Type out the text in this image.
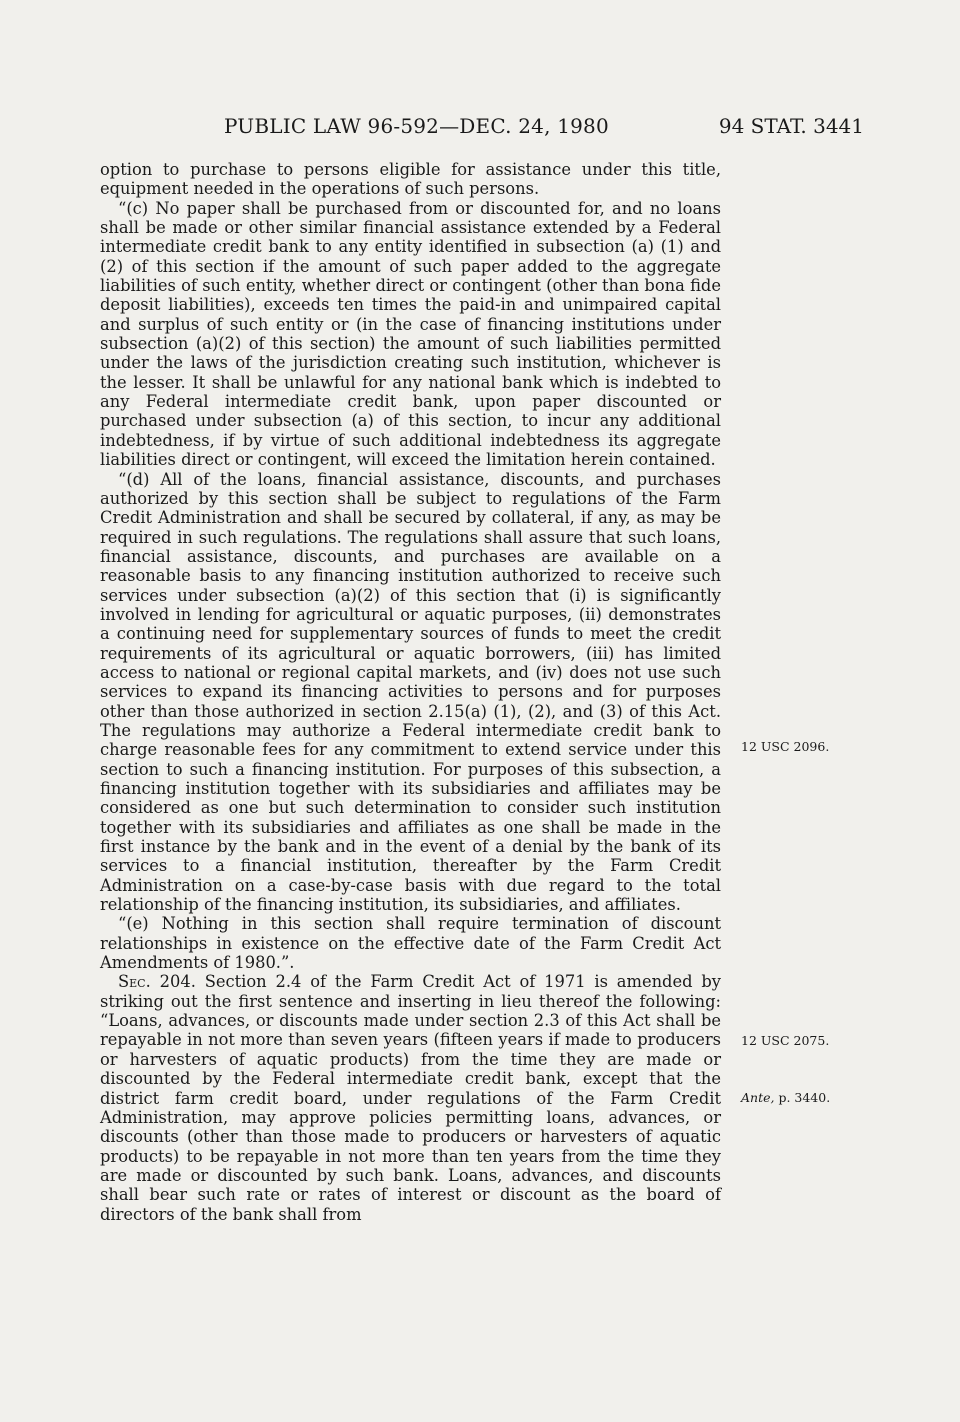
PUBLIC LAW 96-592—DEC. 24, 1980	94 STAT. 3441

option to purchase to persons eligible for assistance under this title, equipment needed in the operations of such persons.

“(c) No paper shall be purchased from or discounted for, and no loans shall be made or other similar financial assistance extended by a Federal intermediate credit bank to any entity identified in subsection (a) (1) and (2) of this section if the amount of such paper added to the aggregate liabilities of such entity, whether direct or contingent (other than bona fide deposit liabilities), exceeds ten times the paid-in and unimpaired capital and surplus of such entity or (in the case of financing institutions under subsection (a)(2) of this section) the amount of such liabilities permitted under the laws of the jurisdiction creating such institution, whichever is the lesser. It shall be unlawful for any national bank which is indebted to any Federal intermediate credit bank, upon paper discounted or purchased under subsection (a) of this section, to incur any additional indebtedness, if by virtue of such additional indebtedness its aggregate liabilities direct or contingent, will exceed the limitation herein contained.

“(d) All of the loans, financial assistance, discounts, and purchases authorized by this section shall be subject to regulations of the Farm Credit Administration and shall be secured by collateral, if any, as may be required in such regulations. The regulations shall assure that such loans, financial assistance, discounts, and purchases are available on a reasonable basis to any financing institution authorized to receive such services under subsection (a)(2) of this section that (i) is significantly involved in lending for agricultural or aquatic purposes, (ii) demonstrates a continuing need for supplementary sources of funds to meet the credit requirements of its agricultural or aquatic borrowers, (iii) has limited access to national or regional capital markets, and (iv) does not use such services to expand its financing activities to persons and for purposes other than those authorized in section 2.15(a) (1), (2), and (3) of this Act. The regulations may authorize a Federal intermediate credit bank to charge reasonable fees for any commitment to extend service under this section to such a financing institution. For purposes of this subsection, a financing institution together with its subsidiaries and affiliates may be considered as one but such determination to consider such institution together with its subsidiaries and affiliates as one shall be made in the first instance by the bank and in the event of a denial by the bank of its services to a financial institution, thereafter by the Farm Credit Administration on a case-by-case basis with due regard to the total relationship of the financing institution, its subsidiaries, and affiliates.

“(e) Nothing in this section shall require termination of discount relationships in existence on the effective date of the Farm Credit Act Amendments of 1980.”.

Sec. 204. Section 2.4 of the Farm Credit Act of 1971 is amended by striking out the first sentence and inserting in lieu thereof the following: “Loans, advances, or discounts made under section 2.3 of this Act shall be repayable in not more than seven years (fifteen years if made to producers or harvesters of aquatic products) from the time they are made or discounted by the Federal intermediate credit bank, except that the district farm credit board, under regulations of the Farm Credit Administration, may approve policies permitting loans, advances, or discounts (other than those made to producers or harvesters of aquatic products) to be repayable in not more than ten years from the time they are made or discounted by such bank. Loans, advances, and discounts shall bear such rate or rates of interest or discount as the board of directors of the bank shall from

12 USC 2096.
12 USC 2075.
Ante, p. 3440.
